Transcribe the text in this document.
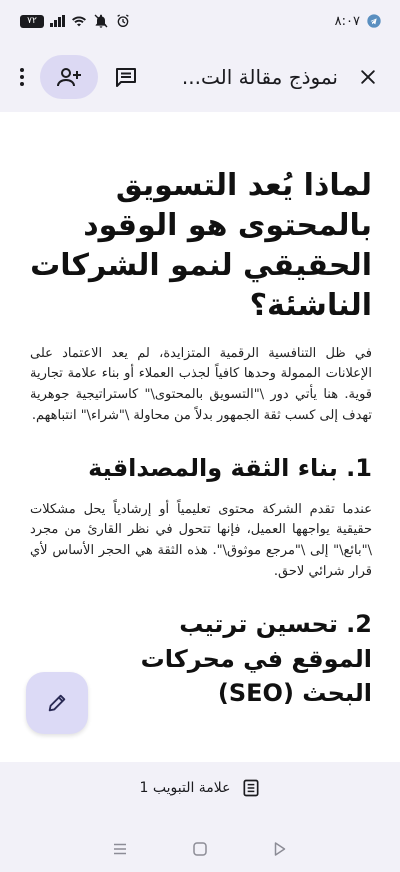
٧٢	٨:٠٧
نموذج مقالة الت...
لماذا يُعد التسويق بالمحتوى هو الوقود الحقيقي لنمو الشركات الناشئة؟

في ظل التنافسية الرقمية المتزايدة، لم يعد الاعتماد على الإعلانات الممولة وحدها كافياً لجذب العملاء أو بناء علامة تجارية قوية. هنا يأتي دور \"التسويق بالمحتوى\" كاستراتيجية جوهرية تهدف إلى كسب ثقة الجمهور بدلاً من محاولة \"شراء\" انتباههم.

1. بناء الثقة والمصداقية

عندما تقدم الشركة محتوى تعليمياً أو إرشادياً يحل مشكلات حقيقية يواجهها العميل، فإنها تتحول في نظر القارئ من مجرد \"بائع\" إلى \"مرجع موثوق\". هذه الثقة هي الحجر الأساس لأي قرار شرائي لاحق.

2. تحسين ترتيب الموقع في محركات البحث (SEO)
علامة التبويب 1
